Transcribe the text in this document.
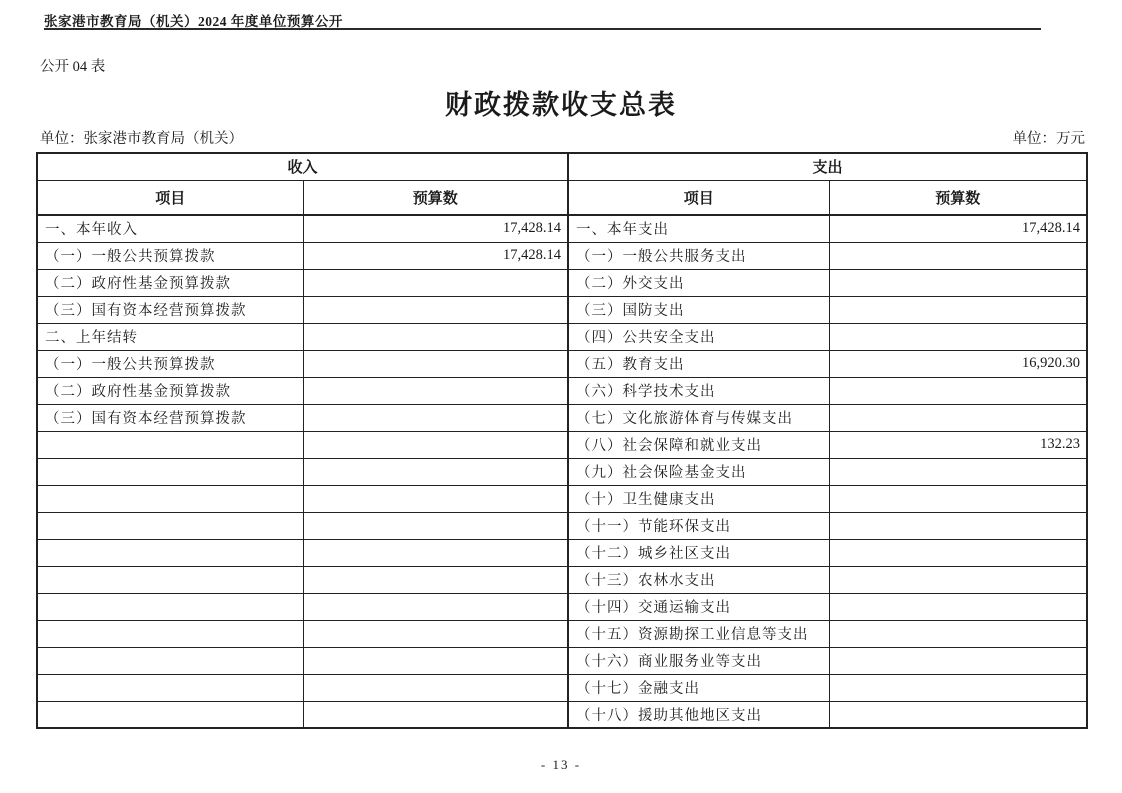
张家港市教育局（机关）2024 年度单位预算公开
公开 04 表
财政拨款收支总表
单位：张家港市教育局（机关）	单位：万元
收入		支出	
项目	预算数	项目	预算数
一、本年收入	17,428.14	一、本年支出	17,428.14
（一）一般公共预算拨款	17,428.14	（一）一般公共服务支出	
（二）政府性基金预算拨款		（二）外交支出	
（三）国有资本经营预算拨款		（三）国防支出	
二、上年结转		（四）公共安全支出	
（一）一般公共预算拨款		（五）教育支出	16,920.30
（二）政府性基金预算拨款		（六）科学技术支出	
（三）国有资本经营预算拨款		（七）文化旅游体育与传媒支出	
		（八）社会保障和就业支出	132.23
		（九）社会保险基金支出	
		（十）卫生健康支出	
		（十一）节能环保支出	
		（十二）城乡社区支出	
		（十三）农林水支出	
		（十四）交通运输支出	
		（十五）资源勘探工业信息等支出	
		（十六）商业服务业等支出	
		（十七）金融支出	
		（十八）援助其他地区支出	
- 13 -
